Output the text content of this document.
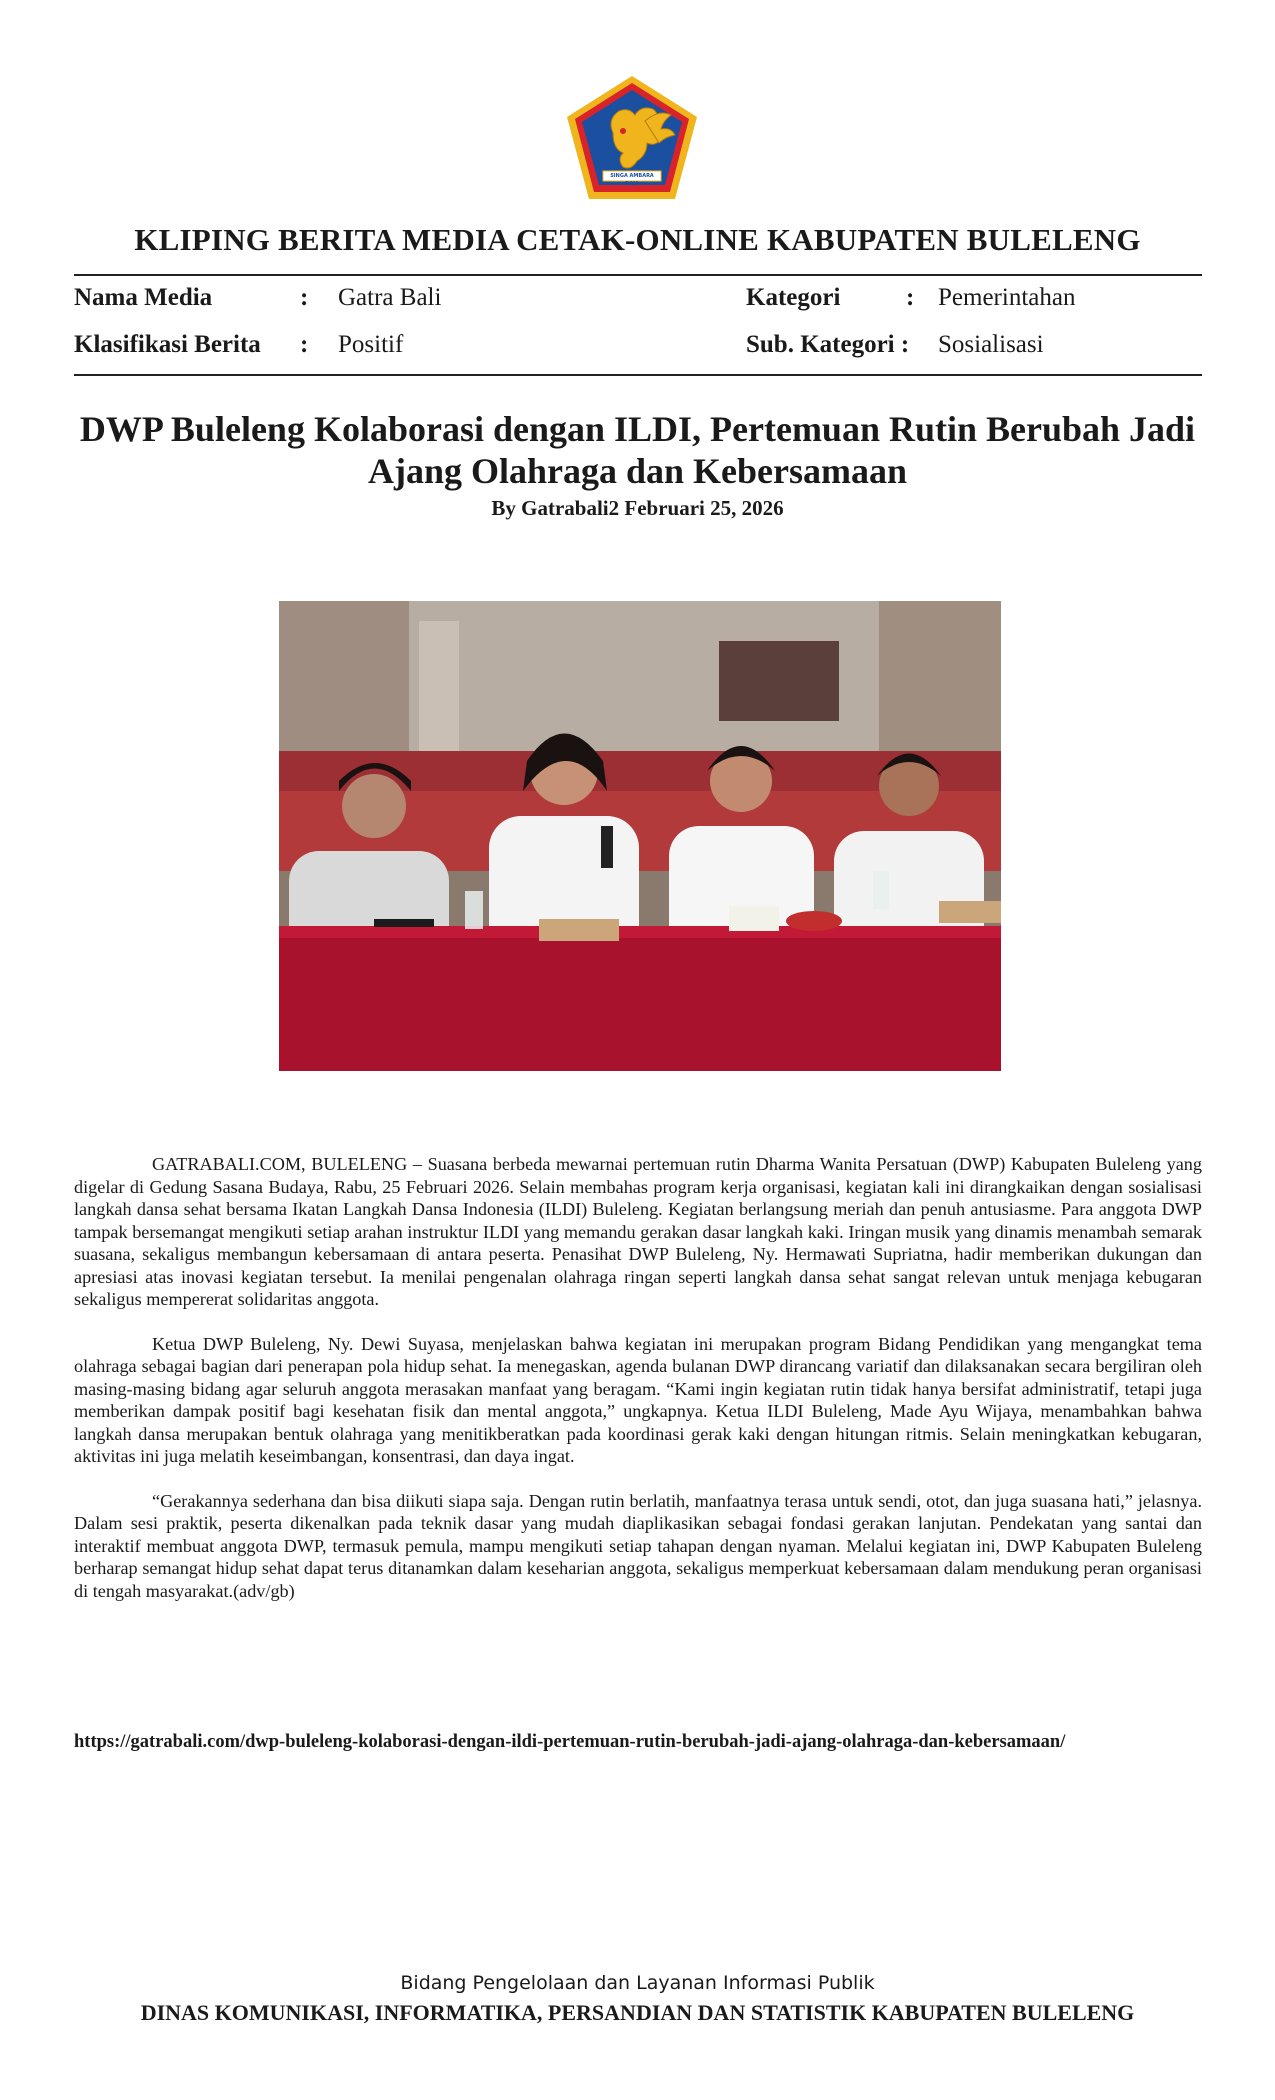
SINGA AMBARA RAJA
KLIPING BERITA MEDIA CETAK-ONLINE KABUPATEN BULELENG
Nama Media	: Gatra Bali	Kategori	: Pemerintahan
Klasifikasi Berita : Positif	Sub. Kategori : Sosialisasi
DWP Buleleng Kolaborasi dengan ILDI, Pertemuan Rutin Berubah Jadi Ajang Olahraga dan Kebersamaan
By Gatrabali2 Februari 25, 2026

GATRABALI.COM, BULELENG – Suasana berbeda mewarnai pertemuan rutin Dharma Wanita Persatuan (DWP) Kabupaten Buleleng yang digelar di Gedung Sasana Budaya, Rabu, 25 Februari 2026. Selain membahas program kerja organisasi, kegiatan kali ini dirangkaikan dengan sosialisasi langkah dansa sehat bersama Ikatan Langkah Dansa Indonesia (ILDI) Buleleng. Kegiatan berlangsung meriah dan penuh antusiasme. Para anggota DWP tampak bersemangat mengikuti setiap arahan instruktur ILDI yang memandu gerakan dasar langkah kaki. Iringan musik yang dinamis menambah semarak suasana, sekaligus membangun kebersamaan di antara peserta. Penasihat DWP Buleleng, Ny. Hermawati Supriatna, hadir memberikan dukungan dan apresiasi atas inovasi kegiatan tersebut. Ia menilai pengenalan olahraga ringan seperti langkah dansa sehat sangat relevan untuk menjaga kebugaran sekaligus mempererat solidaritas anggota.

Ketua DWP Buleleng, Ny. Dewi Suyasa, menjelaskan bahwa kegiatan ini merupakan program Bidang Pendidikan yang mengangkat tema olahraga sebagai bagian dari penerapan pola hidup sehat. Ia menegaskan, agenda bulanan DWP dirancang variatif dan dilaksanakan secara bergiliran oleh masing-masing bidang agar seluruh anggota merasakan manfaat yang beragam. “Kami ingin kegiatan rutin tidak hanya bersifat administratif, tetapi juga memberikan dampak positif bagi kesehatan fisik dan mental anggota,” ungkapnya. Ketua ILDI Buleleng, Made Ayu Wijaya, menambahkan bahwa langkah dansa merupakan bentuk olahraga yang menitikberatkan pada koordinasi gerak kaki dengan hitungan ritmis. Selain meningkatkan kebugaran, aktivitas ini juga melatih keseimbangan, konsentrasi, dan daya ingat.

“Gerakannya sederhana dan bisa diikuti siapa saja. Dengan rutin berlatih, manfaatnya terasa untuk sendi, otot, dan juga suasana hati,” jelasnya. Dalam sesi praktik, peserta dikenalkan pada teknik dasar yang mudah diaplikasikan sebagai fondasi gerakan lanjutan. Pendekatan yang santai dan interaktif membuat anggota DWP, termasuk pemula, mampu mengikuti setiap tahapan dengan nyaman. Melalui kegiatan ini, DWP Kabupaten Buleleng berharap semangat hidup sehat dapat terus ditanamkan dalam keseharian anggota, sekaligus memperkuat kebersamaan dalam mendukung peran organisasi di tengah masyarakat.(adv/gb)

https://gatrabali.com/dwp-buleleng-kolaborasi-dengan-ildi-pertemuan-rutin-berubah-jadi-ajang-olahraga-dan-kebersamaan/
Bidang Pengelolaan dan Layanan Informasi Publik
DINAS KOMUNIKASI, INFORMATIKA, PERSANDIAN DAN STATISTIK KABUPATEN BULELENG
